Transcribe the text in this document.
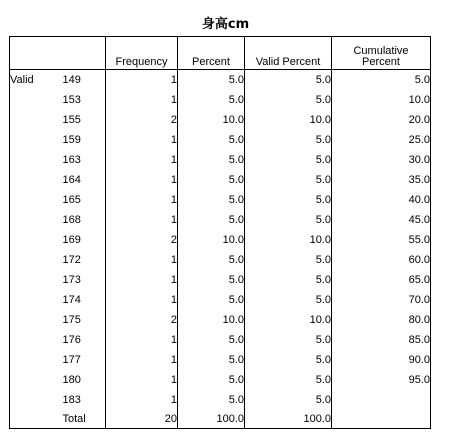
身高cm
		Frequency	Percent	Valid Percent	Cumulative
Percent
Valid	149	1	5.0	5.0	5.0
	153	1	5.0	5.0	10.0
	155	2	10.0	10.0	20.0
	159	1	5.0	5.0	25.0
	163	1	5.0	5.0	30.0
	164	1	5.0	5.0	35.0
	165	1	5.0	5.0	40.0
	168	1	5.0	5.0	45.0
	169	2	10.0	10.0	55.0
	172	1	5.0	5.0	60.0
	173	1	5.0	5.0	65.0
	174	1	5.0	5.0	70.0
	175	2	10.0	10.0	80.0
	176	1	5.0	5.0	85.0
	177	1	5.0	5.0	90.0
	180	1	5.0	5.0	95.0
	183	1	5.0	5.0	
	Total	20	100.0	100.0	
